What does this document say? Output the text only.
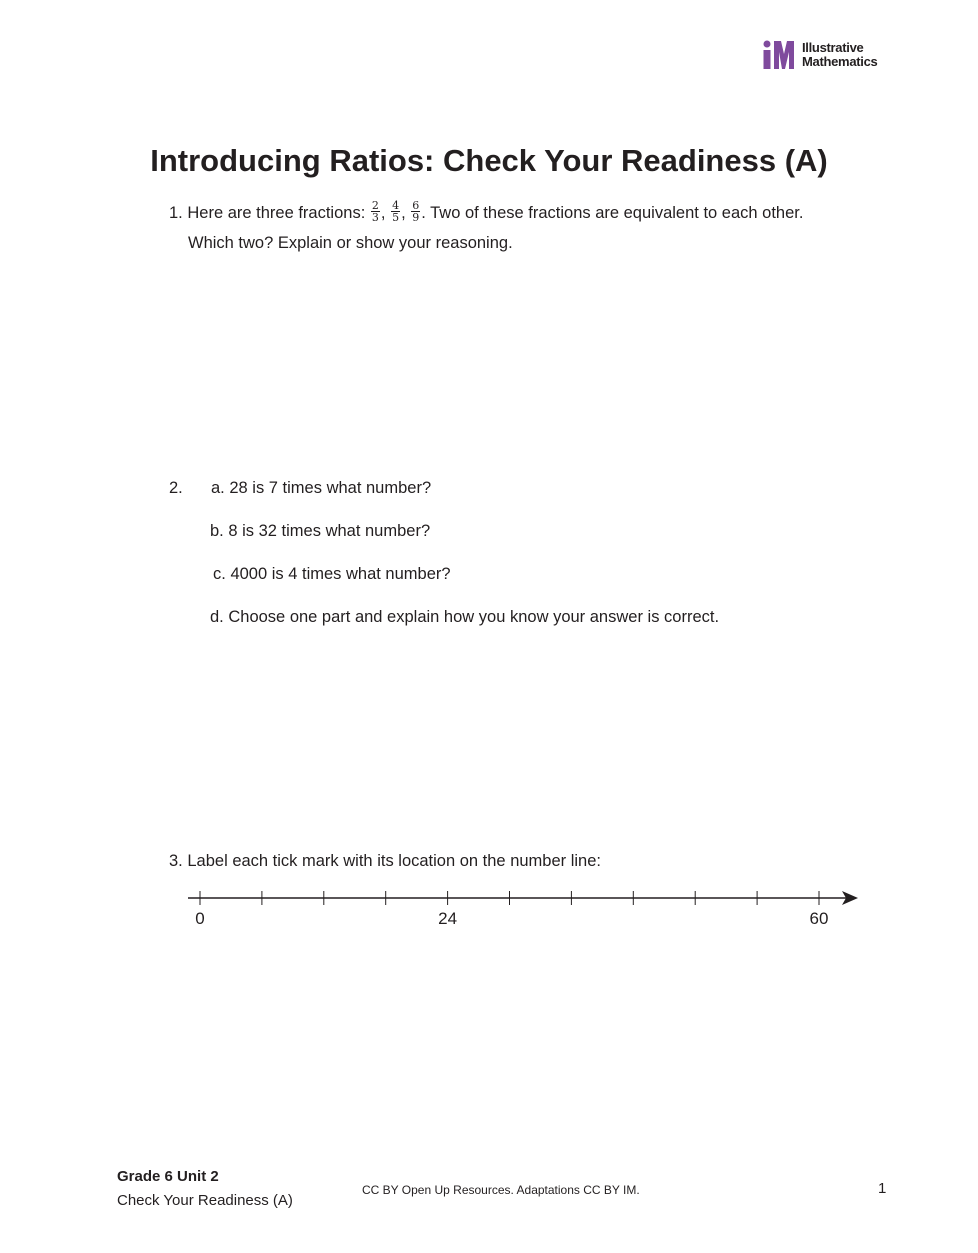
Illustrative
Mathematics
Introducing Ratios: Check Your Readiness (A)
1. Here are three fractions: $\frac{2}{3}$ , $\frac{4}{5}$ , $\frac{6}{9}$ . Two of these fractions are equivalent to each other.
Which two? Explain or show your reasoning.
2. a. 28 is 7 times what number?
b. 8 is 32 times what number?
c. 4000 is 4 times what number?
d. Choose one part and explain how you know your answer is correct.
3. Label each tick mark with its location on the number line:
0	24	60
Grade 6 Unit 2
Check Your Readiness (A)
CC BY Open Up Resources. Adaptations CC BY IM.	1
